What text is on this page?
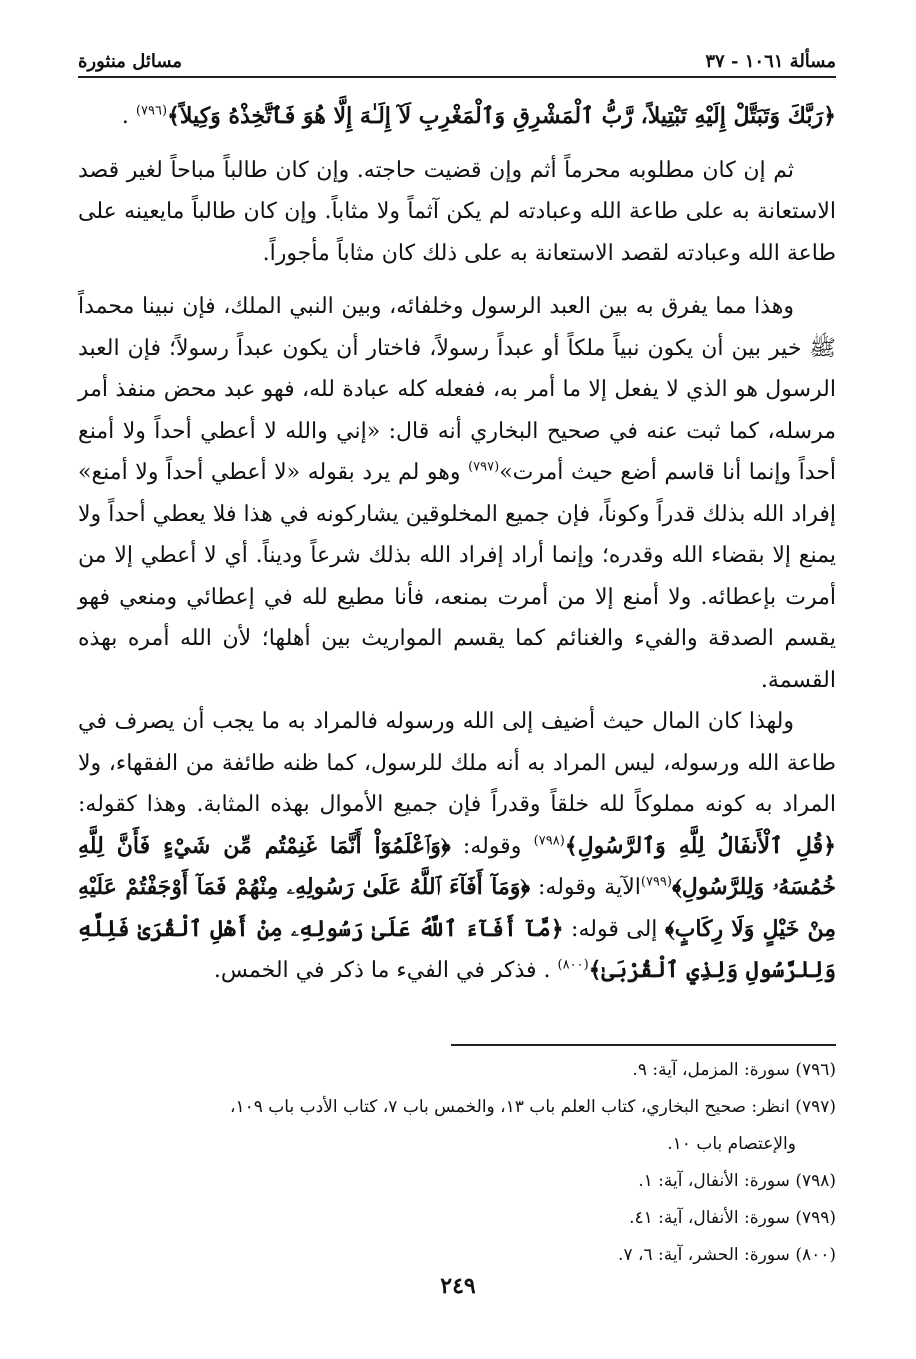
مسألة ١٠٦١ - ٣٧
مسائل منثورة

﴿رَبَّكَ وَتَبَتَّلْ إِلَيْهِ تَبْتِيلاً، رَّبُّ ٱلْمَشْرِقِ وَٱلْمَغْرِبِ لَآ إِلَـٰهَ إِلَّا هُوَ فَٱتَّخِذْهُ وَكِيلاً﴾$^{(٧٩٦)}$ .

ثم إن كان مطلوبه محرماً أثم وإن قضيت حاجته. وإن كان طالباً مباحاً لغير قصد الاستعانة به على طاعة الله وعبادته لم يكن آثماً ولا مثاباً. وإن كان طالباً مايعينه على طاعة الله وعبادته لقصد الاستعانة به على ذلك كان مثاباً مأجوراً.

وهذا مما يفرق به بين العبد الرسول وخلفائه، وبين النبي الملك، فإن نبينا محمداً ﷺ خير بين أن يكون نبياً ملكاً أو عبداً رسولاً، فاختار أن يكون عبداً رسولاً؛ فإن العبد الرسول هو الذي لا يفعل إلا ما أمر به، ففعله كله عبادة لله، فهو عبد محض منفذ أمر مرسله، كما ثبت عنه في صحيح البخاري أنه قال: «إني والله لا أعطي أحداً ولا أمنع أحداً وإنما أنا قاسم أضع حيث أمرت»$^{(٧٩٧)}$ وهو لم يرد بقوله «لا أعطي أحداً ولا أمنع» إفراد الله بذلك قدراً وكوناً، فإن جميع المخلوقين يشاركونه في هذا فلا يعطي أحداً ولا يمنع إلا بقضاء الله وقدره؛ وإنما أراد إفراد الله بذلك شرعاً وديناً. أي لا أعطي إلا من أمرت بإعطائه. ولا أمنع إلا من أمرت بمنعه، فأنا مطيع لله في إعطائي ومنعي فهو يقسم الصدقة والفيء والغنائم كما يقسم المواريث بين أهلها؛ لأن الله أمره بهذه القسمة.

ولهذا كان المال حيث أضيف إلى الله ورسوله فالمراد به ما يجب أن يصرف في طاعة الله ورسوله، ليس المراد به أنه ملك للرسول، كما ظنه طائفة من الفقهاء، ولا المراد به كونه مملوكاً لله خلقاً وقدراً فإن جميع الأموال بهذه المثابة. وهذا كقوله: ﴿قُلِ ٱلْأَنفَالُ لِلَّهِ وَٱلرَّسُولِ﴾$^{(٧٩٨)}$ وقوله: ﴿وَٱعْلَمُوٓاْ أَنَّمَا غَنِمْتُم مِّن شَيْءٍ فَأَنَّ لِلَّهِ خُمُسَهُۥ وَلِلرَّسُولِ﴾$^{(٧٩٩)}$الآية وقوله: ﴿وَمَآ أَفَآءَ ٱللَّهُ عَلَىٰ رَسُولِهِۦ مِنْهُمْ فَمَآ أَوْجَفْتُمْ عَلَيْهِ مِنْ خَيْلٍ وَلَا رِكَابٍ﴾ إلى قوله: ﴿مَّآ أَفَآءَ ٱللَّهُ عَلَىٰ رَسُولِهِۦ مِنْ أَهْلِ ٱلْقُرَىٰ فَلِلَّهِ وَلِلرَّسُولِ وَلِذِي ٱلْقُرْبَىٰ﴾$^{(٨٠٠)}$ . فذكر في الفيء ما ذكر في الخمس.

(٧٩٦) سورة: المزمل، آية: ٩.

(٧٩٧) انظر: صحيح البخاري، كتاب العلم باب ١٣، والخمس باب ٧، كتاب الأدب باب ١٠٩،

والإعتصام باب ١٠.

(٧٩٨) سورة: الأنفال، آية: ١.

(٧٩٩) سورة: الأنفال، آية: ٤١.

(٨٠٠) سورة: الحشر، آية: ٦، ٧.

٢٤٩
